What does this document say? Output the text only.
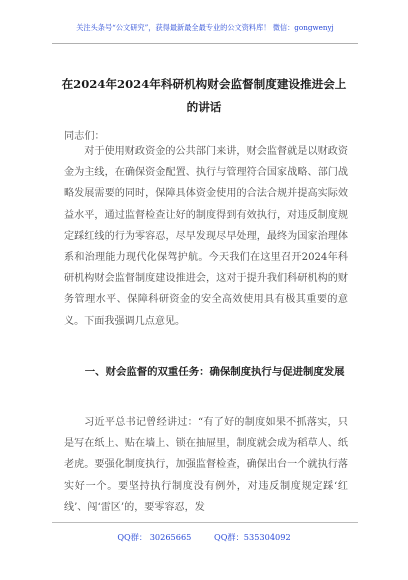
关注头条号“公文研究”，获得最新最全最专业的公文资料库！ 微信：gongwenyj
在2024年2024年科研机构财会监督制度建设推进会上的讲话
同志们：

对于使用财政资金的公共部门来讲，财会监督就是以财政资金为主线，在确保资金配置、执行与管理符合国家战略、部门战略发展需要的同时，保障具体资金使用的合法合规并提高实际效益水平，通过监督检查让好的制度得到有效执行，对违反制度规定踩红线的行为零容忍，尽早发现尽早处理，最终为国家治理体系和治理能力现代化保驾护航。今天我们在这里召开2024年科研机构财会监督制度建设推进会，这对于提升我们科研机构的财务管理水平、保障科研资金的安全高效使用具有极其重要的意义。下面我强调几点意见。

一、财会监督的双重任务：确保制度执行与促进制度发展

习近平总书记曾经讲过：“有了好的制度如果不抓落实，只是写在纸上、贴在墙上、锁在抽屉里，制度就会成为稻草人、纸老虎。要强化制度执行，加强监督检查，确保出台一个就执行落实好一个。要坚持执行制度没有例外，对违反制度规定踩‘红线’、闯‘雷区’的，要零容忍，发

QQ群： 30265665	QQ群：535304092
